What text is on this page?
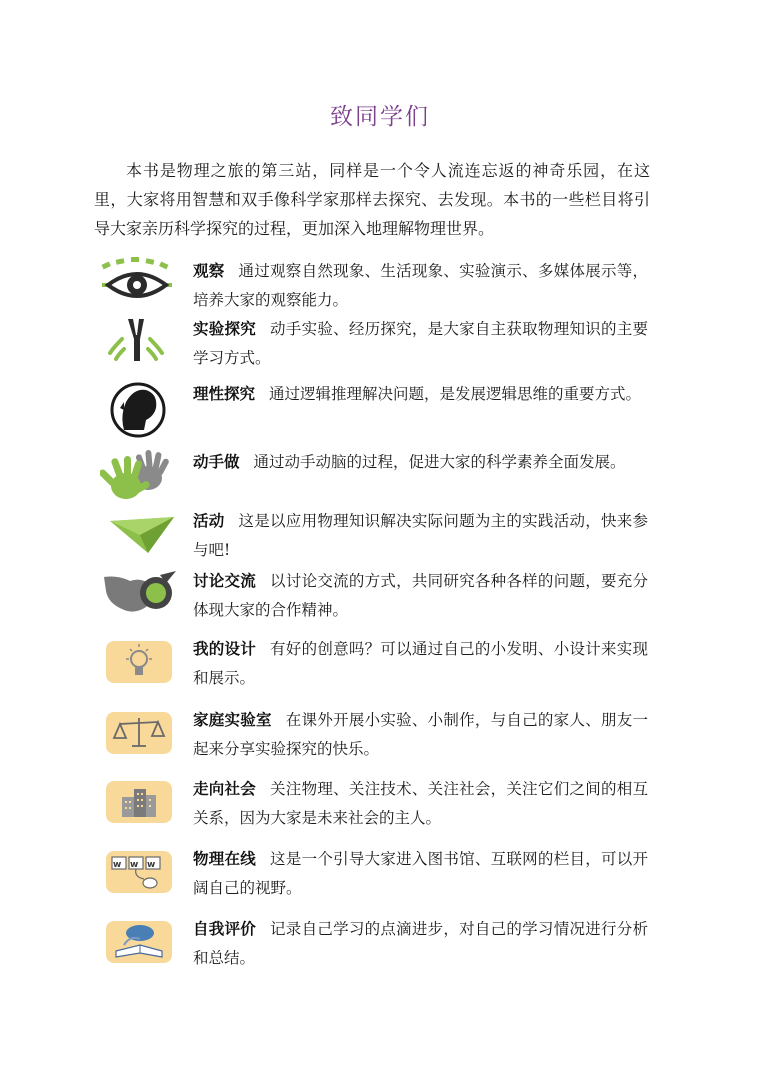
致同学们
本书是物理之旅的第三站，同样是一个令人流连忘返的神奇乐园，在这里，大家将用智慧和双手像科学家那样去探究、去发现。本书的一些栏目将引导大家亲历科学探究的过程，更加深入地理解物理世界。
观察 通过观察自然现象、生活现象、实验演示、多媒体展示等，培养大家的观察能力。
实验探究 动手实验、经历探究，是大家自主获取物理知识的主要学习方式。
理性探究 通过逻辑推理解决问题，是发展逻辑思维的重要方式。
动手做 通过动手动脑的过程，促进大家的科学素养全面发展。
活动 这是以应用物理知识解决实际问题为主的实践活动，快来参与吧!
讨论交流 以讨论交流的方式，共同研究各种各样的问题，要充分体现大家的合作精神。
我的设计 有好的创意吗？可以通过自己的小发明、小设计来实现和展示。
家庭实验室 在课外开展小实验、小制作，与自己的家人、朋友一起来分享实验探究的快乐。
走向社会 关注物理、关注技术、关注社会，关注它们之间的相互关系，因为大家是未来社会的主人。
w w w 物理在线 这是一个引导大家进入图书馆、互联网的栏目，可以开阔自己的视野。
自我评价 记录自己学习的点滴进步，对自己的学习情况进行分析和总结。
